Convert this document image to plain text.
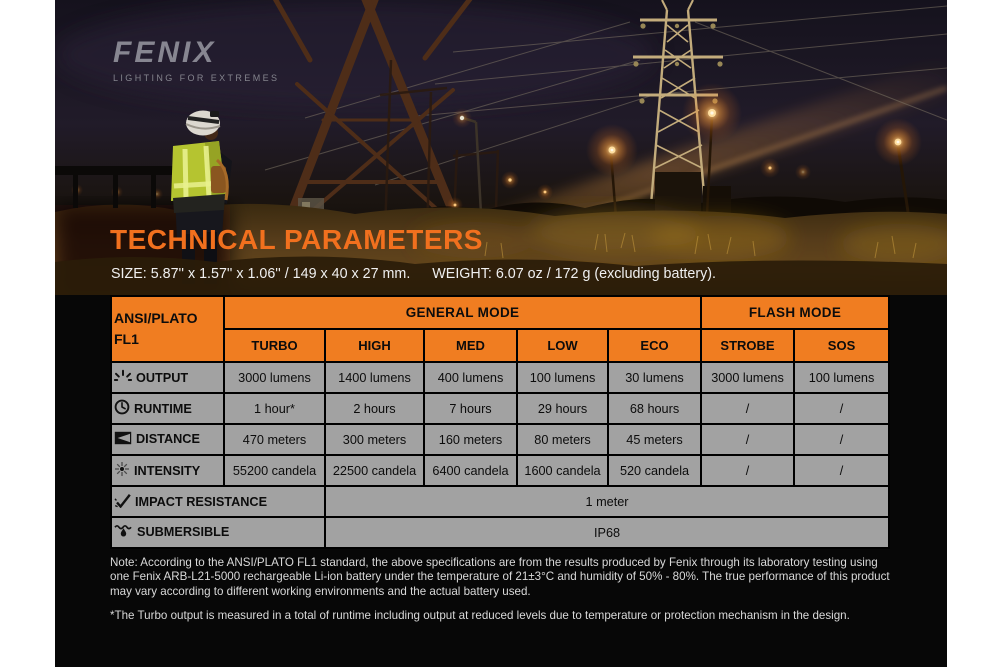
FENIX
LIGHTING FOR EXTREMES
TECHNICAL PARAMETERS
SIZE: 5.87'' x 1.57'' x 1.06'' / 149 x 40 x 27 mm. WEIGHT: 6.07 oz / 172 g (excluding battery).
ANSI/PLATO
FL1	GENERAL MODE					FLASH MODE	
	TURBO	HIGH	MED	LOW	ECO	STROBE	SOS
OUTPUT	3000 lumens	1400 lumens	400 lumens	100 lumens	30 lumens	3000 lumens	100 lumens
RUNTIME	1 hour*	2 hours	7 hours	29 hours	68 hours	/	/
DISTANCE	470 meters	300 meters	160 meters	80 meters	45 meters	/	/
INTENSITY	55200 candela	22500 candela	6400 candela	1600 candela	520 candela	/	/
IMPACT RESISTANCE		1 meter					
SUBMERSIBLE		IP68					

Note: According to the ANSI/PLATO FL1 standard, the above specifications are from the results produced by Fenix through its laboratory testing using one Fenix ARB-L21-5000 rechargeable Li-ion battery under the temperature of 21±3°C and humidity of 50% - 80%. The true performance of this product may vary according to different working environments and the actual battery used.

*The Turbo output is measured in a total of runtime including output at reduced levels due to temperature or protection mechanism in the design.
